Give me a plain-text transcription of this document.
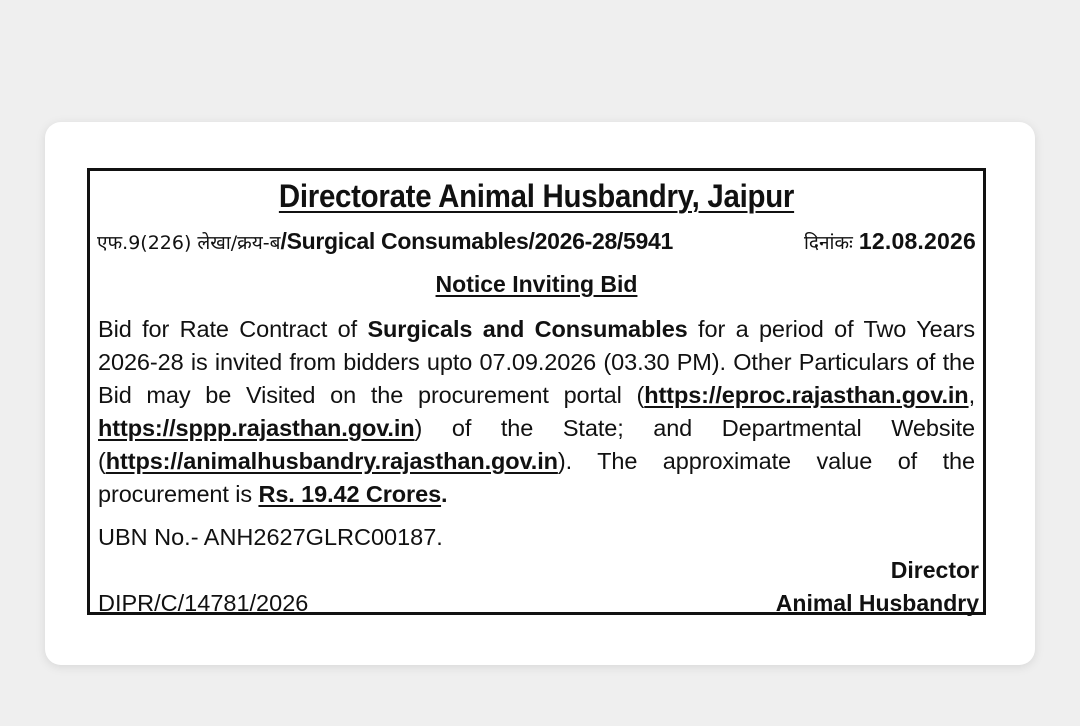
Directorate Animal Husbandry, Jaipur
एफ.9(226) लेखा/क्रय-ब/Surgical Consumables/2026-28/5941	दिनांकः 12.08.2026
Notice Inviting Bid
Bid for Rate Contract of Surgicals and Consumables for a period of Two Years 2026-28 is invited from bidders upto 07.09.2026 (03.30 PM). Other Particulars of the Bid may be Visited on the procurement portal (https://eproc.rajasthan.gov.in, https://sppp.rajasthan.gov.in) of the State; and Departmental Website (https://animalhusbandry.rajasthan.gov.in). The approximate value of the procurement is Rs. 19.42 Crores.
UBN No.- ANH2627GLRC00187.
Director
DIPR/C/14781/2026	Animal Husbandry
